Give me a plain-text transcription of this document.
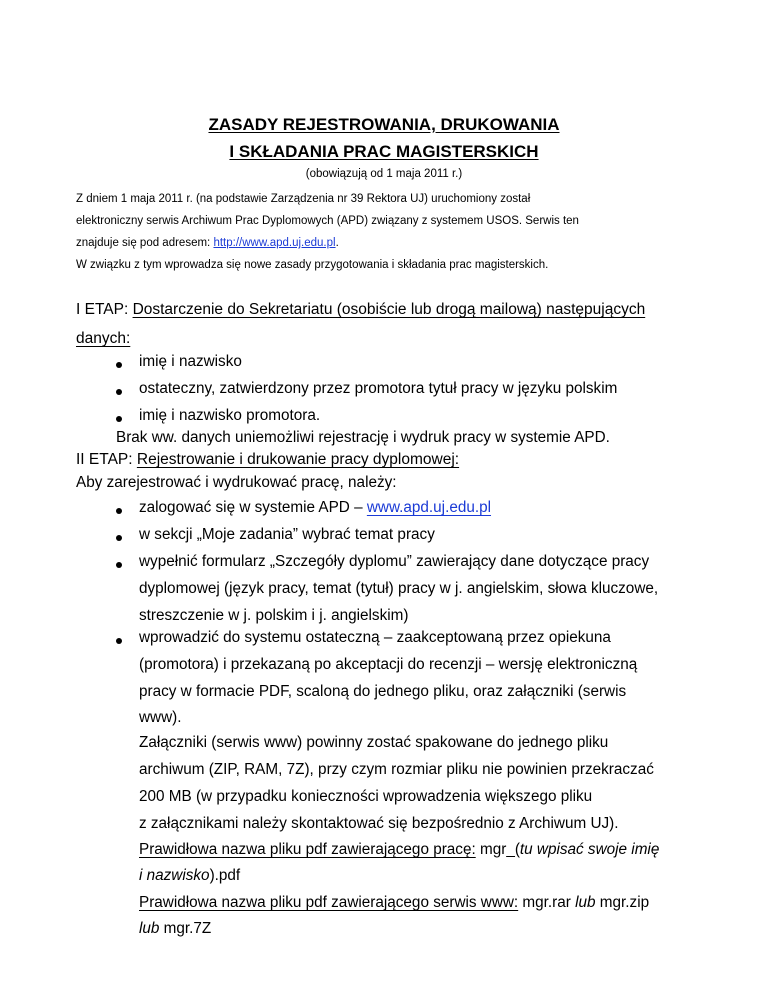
ZASADY REJESTROWANIA, DRUKOWANIA
I SKŁADANIA PRAC MAGISTERSKICH
(obowiązują od 1 maja 2011 r.)
Z dniem 1 maja 2011 r. (na podstawie Zarządzenia nr 39 Rektora UJ) uruchomiony został
elektroniczny serwis Archiwum Prac Dyplomowych (APD) związany z systemem USOS. Serwis ten
znajduje się pod adresem: http://www.apd.uj.edu.pl.
W związku z tym wprowadza się nowe zasady przygotowania i składania prac magisterskich.
I ETAP: Dostarczenie do Sekretariatu (osobiście lub drogą mailową) następujących
danych:
imię i nazwisko
ostateczny, zatwierdzony przez promotora tytuł pracy w języku polskim
imię i nazwisko promotora.
Brak ww. danych uniemożliwi rejestrację i wydruk pracy w systemie APD.
II ETAP: Rejestrowanie i drukowanie pracy dyplomowej:
Aby zarejestrować i wydrukować pracę, należy:
zalogować się w systemie APD – www.apd.uj.edu.pl
w sekcji „Moje zadania” wybrać temat pracy
wypełnić formularz „Szczegóły dyplomu” zawierający dane dotyczące pracy
dyplomowej (język pracy, temat (tytuł) pracy w j. angielskim, słowa kluczowe,
streszczenie w j. polskim i j. angielskim)
wprowadzić do systemu ostateczną – zaakceptowaną przez opiekuna
(promotora) i przekazaną po akceptacji do recenzji – wersję elektroniczną
pracy w formacie PDF, scaloną do jednego pliku, oraz załączniki (serwis
www).
Załączniki (serwis www) powinny zostać spakowane do jednego pliku
archiwum (ZIP, RAM, 7Z), przy czym rozmiar pliku nie powinien przekraczać
200 MB (w przypadku konieczności wprowadzenia większego pliku
z załącznikami należy skontaktować się bezpośrednio z Archiwum UJ).
Prawidłowa nazwa pliku pdf zawierającego pracę: mgr_(tu wpisać swoje imię
i nazwisko).pdf
Prawidłowa nazwa pliku pdf zawierającego serwis www: mgr.rar lub mgr.zip
lub mgr.7Z
